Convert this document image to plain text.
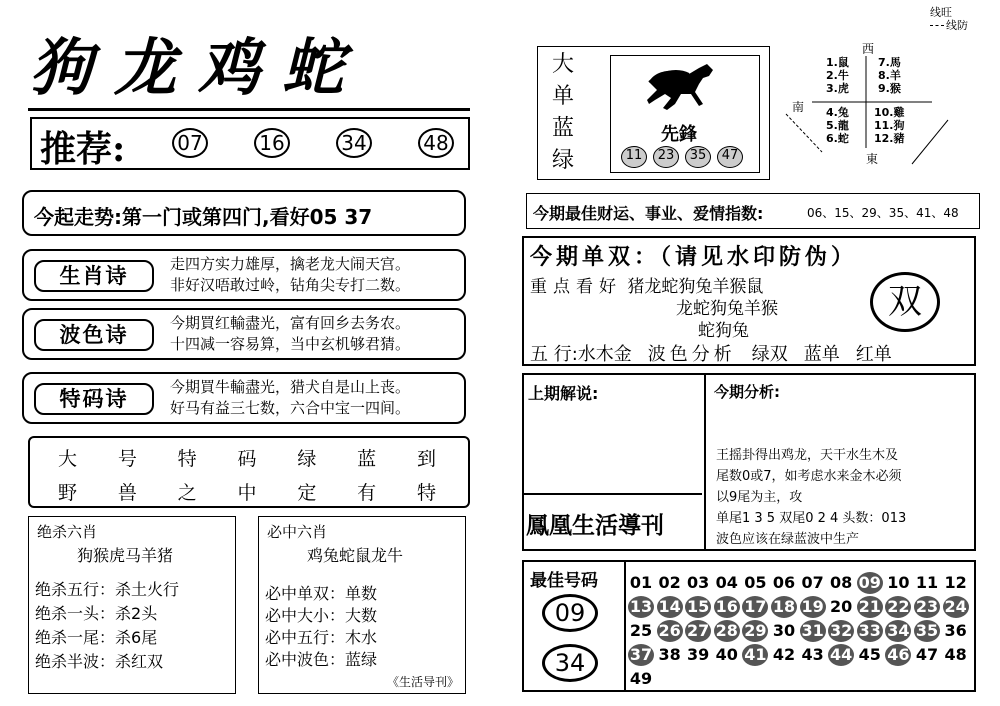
狗龙鸡蛇
推荐:	07	16	34	48
今起走势:第一门或第四门,看好05 37
生肖诗	走四方实力雄厚，擒老龙大闹天宫。
非好汉唔敢过岭，钻角尖专打二数。
波色诗	今期買红輸盡光，富有回乡去务农。
十四减一容易算，当中玄机够君猜。
特码诗	今期買牛輸盡光，猎犬自是山上丧。
好马有益三七数，六合中宝一四间。
大 号 特 码 绿 蓝 到
野 兽 之 中 定 有 特
绝杀六肖
狗猴虎马羊猪
绝杀五行：杀土火行
绝杀一头：杀2头
绝杀一尾：杀6尾
绝杀半波：杀红双
必中六肖
鸡兔蛇鼠龙牛
必中单双：单数
必中大小：大数
必中五行：木水
必中波色：蓝绿
《生活导刊》
线旺
线防
大
单
蓝
绿
先鋒
11	23	35	47
西
南
東
1.鼠
2.牛
3.虎
7.馬
8.羊
9.猴
4.兔
5.龍
6.蛇
10.雞
11.狗
12.豬
今期最佳财运、事业、爱情指数:	06、15、29、35、41、48
今期单双：（请见水印防伪）
重点看好 猪龙蛇狗兔羊猴鼠
龙蛇狗兔羊猴
蛇狗兔
双
五 行:水木金 波色分析 绿双 蓝单 红单
上期解说:
鳳凰生活導刊
今期分析:
王摇卦得出鸡龙，天干水生木及
尾数0或7，如考虑水来金木必须
以9尾为主，攻
单尾1 3 5 双尾0 2 4 头数：013
波色应该在绿蓝波中生产
最佳号码
09
34
01 02 03 04 05 06 07 08 09 10 11 12
13 14 15 16 17 18 19 20 21 22 23 24
25 26 27 28 29 30 31 32 33 34 35 36
37 38 39 40 41 42 43 44 45 46 47 48
49
